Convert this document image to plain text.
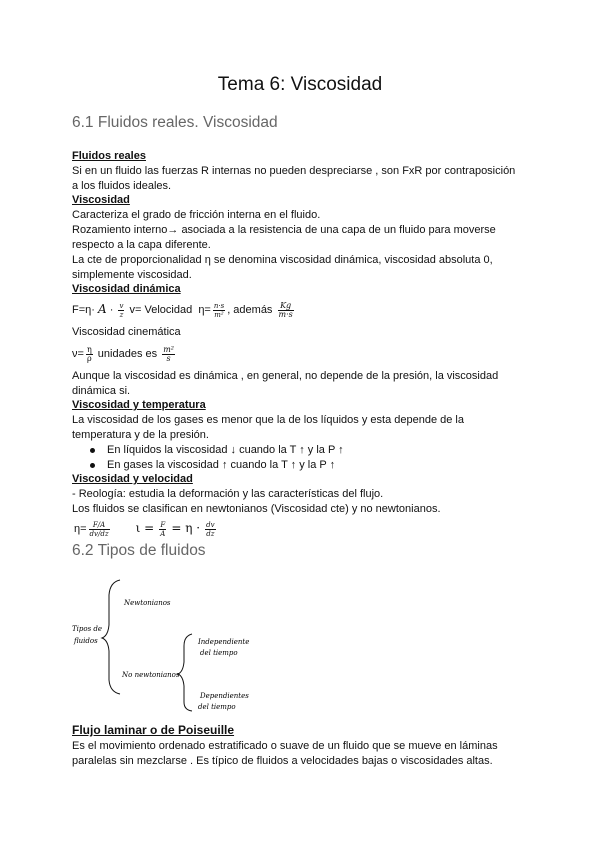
Tema 6: Viscosidad
6.1 Fluidos reales. Viscosidad
Fluidos reales
Si en un fluido las fuerzas R internas no pueden despreciarse , son FxR por contraposición
a los fluidos ideales.
Viscosidad
Caracteriza el grado de fricción interna en el fluido.
Rozamiento interno→ asociada a la resistencia de una capa de un fluido para moverse
respecto a la capa diferente.
La cte de proporcionalidad η se denomina viscosidad dinámica, viscosidad absoluta 0,
simplemente viscosidad.
Viscosidad dinámica
$F=\eta\cdot A \cdot \frac{v}{z} v=$ Velocidad $\eta= \frac{n\cdot s}{\text{m²}}$ , además $\frac{Kg}{m\cdot s}$
Viscosidad cinemática
$\nu= \frac{\eta}{\rho}$ unidades es $\frac{\text{m²}}{s}$
Aunque la viscosidad es dinámica , en general, no depende de la presión, la viscosidad
dinámica si.
Viscosidad y temperatura
La viscosidad de los gases es menor que la de los líquidos y esta depende de la
temperatura y de la presión.
En líquidos la viscosidad ↓ cuando la T ↑ y la P ↑
En gases la viscosidad ↑ cuando la T ↑ y la P ↑
Viscosidad y velocidad
- Reología: estudia la deformación y las características del flujo.
Los fluidos se clasifican en newtonianos (Viscosidad cte) y no newtonianos.
$\eta= \frac{F/A}{dv/dz}$ $\iota = \frac{F}{A} = \eta \cdot \frac{dv}{dz}$
6.2 Tipos de fluidos
Tipos de
fluidos
Newtonianos
No newtonianos
Independiente
del tiempo
Dependientes
del tiempo
Flujo laminar o de Poiseuille
Es el movimiento ordenado estratificado o suave de un fluido que se mueve en láminas
paralelas sin mezclarse . Es típico de fluidos a velocidades bajas o viscosidades altas.
